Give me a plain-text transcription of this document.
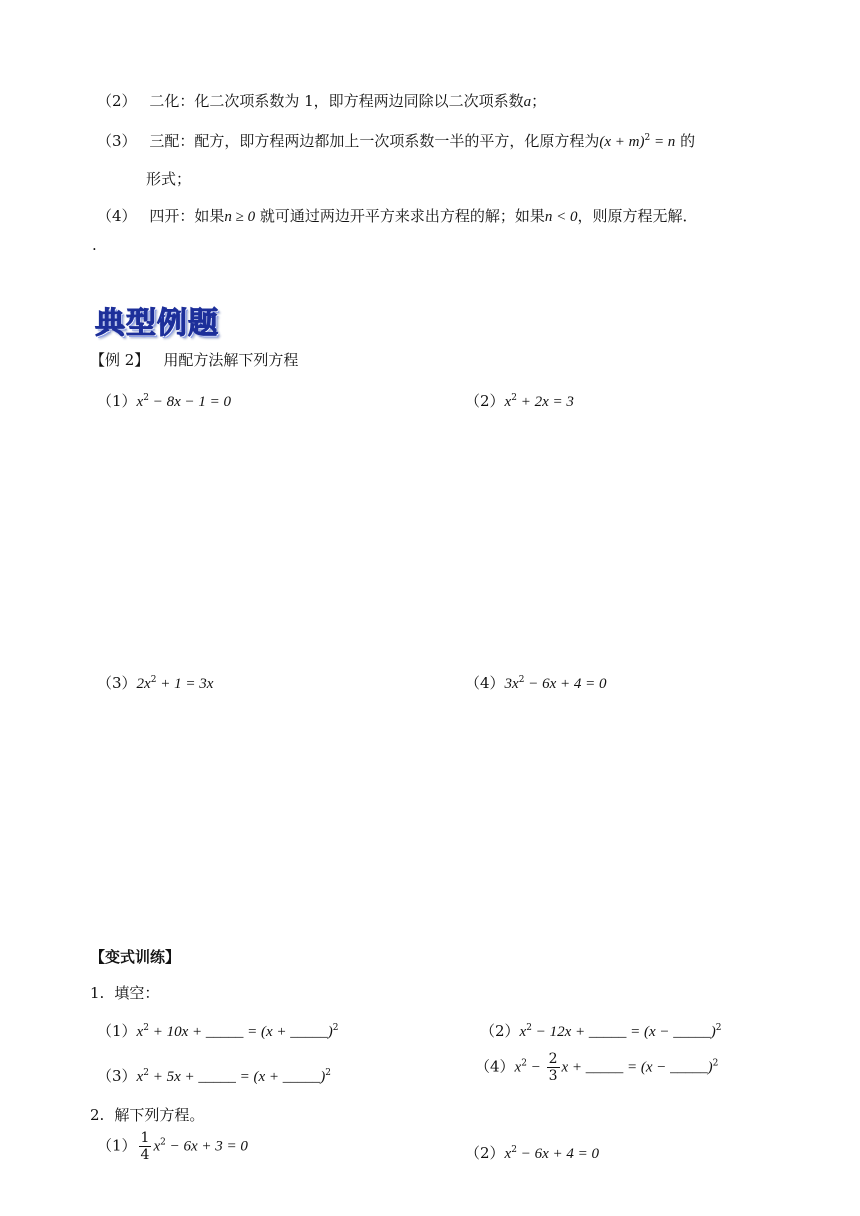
（2） 二化：化二次项系数为 1，即方程两边同除以二次项系数a；
（3） 三配：配方，即方程两边都加上一次项系数一半的平方，化原方程为$(x + m)^2 = n$ 的
形式；
（4） 四开：如果n ≥ 0 就可通过两边开平方来求出方程的解；如果n < 0，则原方程无解．
.
典型例题
【例 2】 用配方法解下列方程
$(1)x^2 - 8x - 1 = 0$	$(2)x^2 + 2x = 3$
$(3)2x^2 + 1 = 3x$	$(4)3x^2 - 6x + 4 = 0$
【变式训练】
1. 填空：
$(1)x^2 + 10x$ + _____ = (x + _____)$^2$	$(2)x^2 - 12x$ + _____ = (x − _____)$^2$
$(3)x^2 + 5x$ + _____ = (x + _____)$^2$	$(4)x^2 - \frac{2}{3}$ x + _____ = (x − _____)$^2$
2. 解下列方程。
$(1) \frac{1}{4} x^2 - 6x + 3 = 0$	$(2)x^2 - 6x + 4 = 0$
